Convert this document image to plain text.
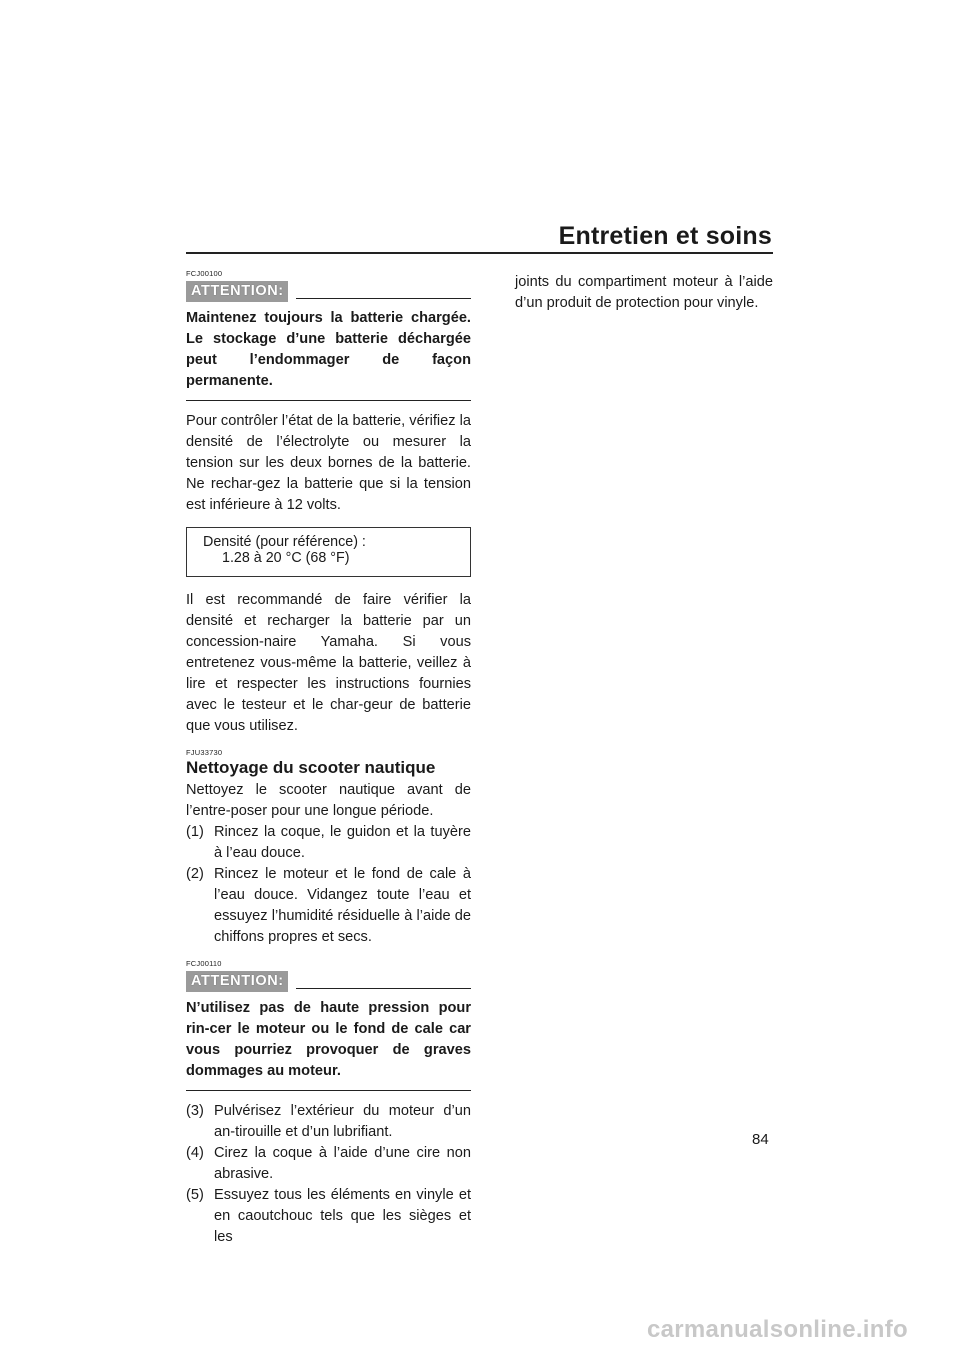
Entretien et soins
FCJ00100
ATTENTION:

Maintenez toujours la batterie chargée. Le stockage d’une batterie déchargée peut l’endommager de façon permanente.

Pour contrôler l’état de la batterie, vérifiez la densité de l’électrolyte ou mesurer la tension sur les deux bornes de la batterie. Ne rechar-gez la batterie que si la tension est inférieure à 12 volts.

Densité (pour référence) :
1.28 à 20 °C (68 °F)

Il est recommandé de faire vérifier la densité et recharger la batterie par un concession-naire Yamaha. Si vous entretenez vous-même la batterie, veillez à lire et respecter les instructions fournies avec le testeur et le char-geur de batterie que vous utilisez.

FJU33730
Nettoyage du scooter nautique

Nettoyez le scooter nautique avant de l’entre-poser pour une longue période.

(1) Rincez la coque, le guidon et la tuyère à l’eau douce.
(2) Rincez le moteur et le fond de cale à l’eau douce. Vidangez toute l’eau et essuyez l’humidité résiduelle à l’aide de chiffons propres et secs.
FCJ00110
ATTENTION:

N’utilisez pas de haute pression pour rin-cer le moteur ou le fond de cale car vous pourriez provoquer de graves dommages au moteur.

(3) Pulvérisez l’extérieur du moteur d’un an-tirouille et d’un lubrifiant.
(4) Cirez la coque à l’aide d’une cire non abrasive.
(5) Essuyez tous les éléments en vinyle et en caoutchouc tels que les sièges et les

joints du compartiment moteur à l’aide d’un produit de protection pour vinyle.

84

carmanualsonline.info
